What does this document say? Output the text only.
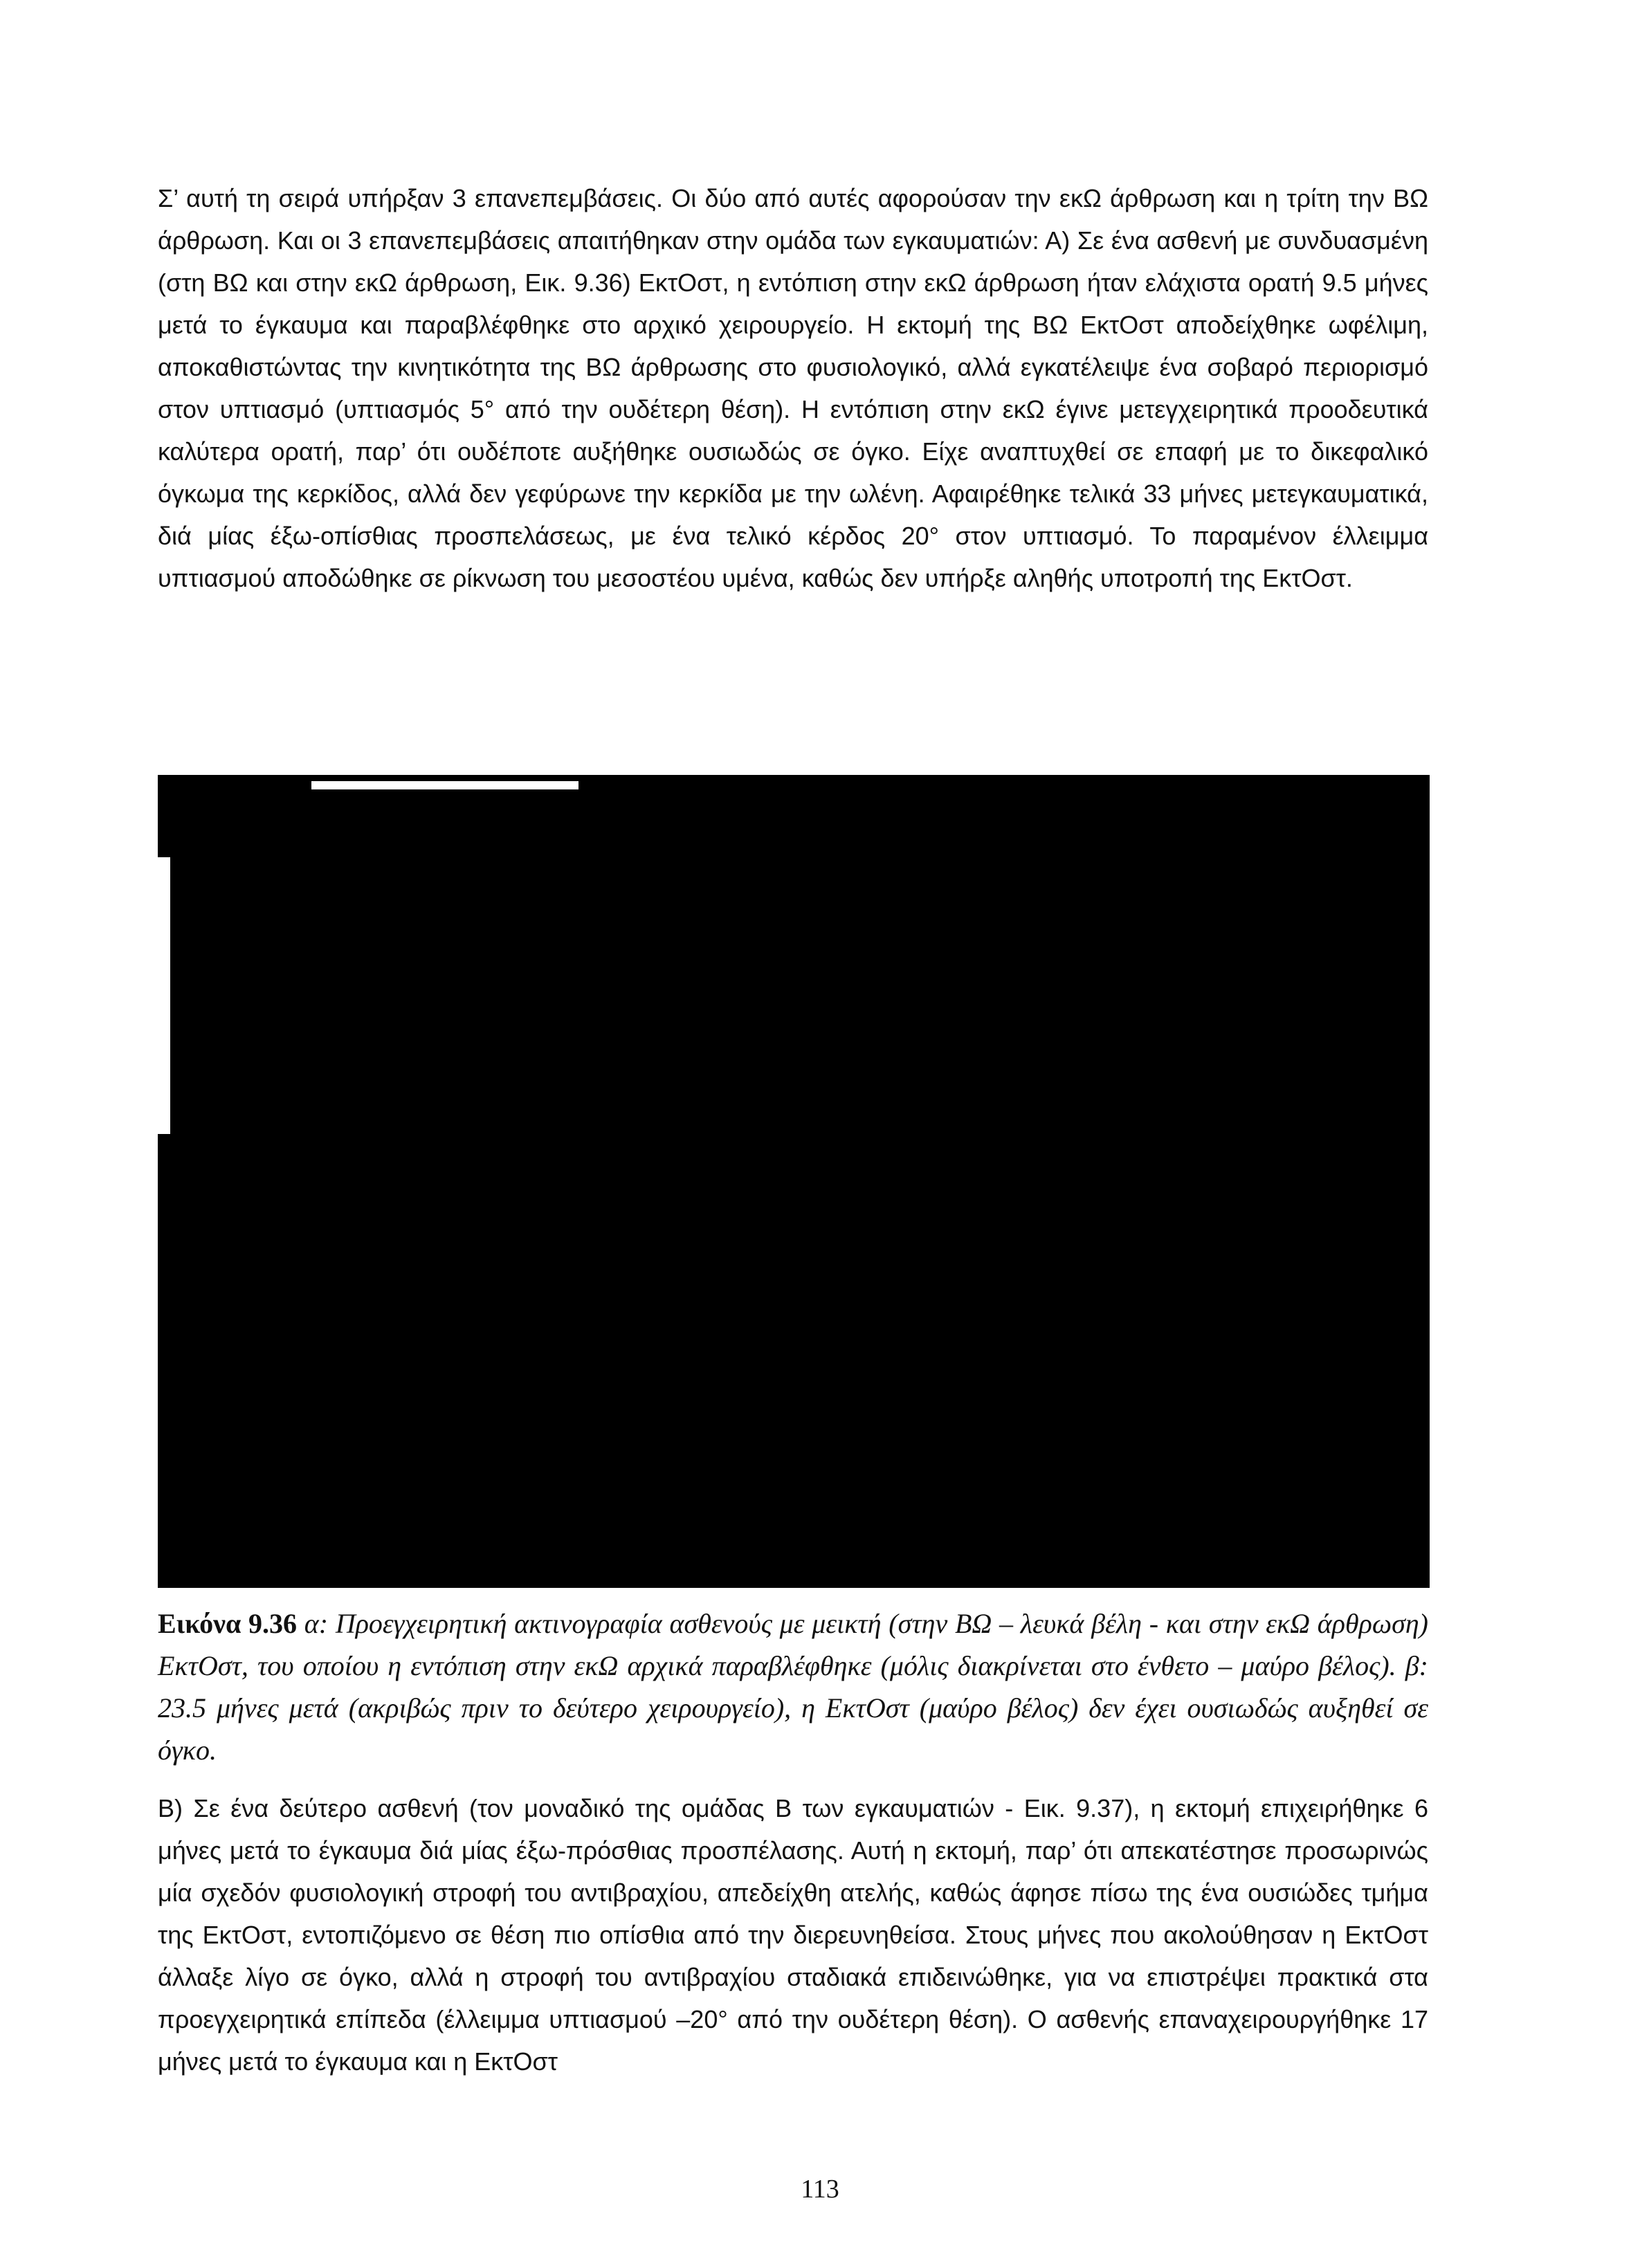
Σ’ αυτή τη σειρά υπήρξαν 3 επανεπεμβάσεις. Οι δύο από αυτές αφορούσαν την εκΩ άρθρωση και η τρίτη την ΒΩ άρθρωση. Και οι 3 επανεπεμβάσεις απαιτήθηκαν στην ομάδα των εγκαυματιών: Α) Σε ένα ασθενή με συνδυασμένη (στη ΒΩ και στην εκΩ άρθρωση, Εικ. 9.36) ΕκτΟστ, η εντόπιση στην εκΩ άρθρωση ήταν ελάχιστα ορατή 9.5 μήνες μετά το έγκαυμα και παραβλέφθηκε στο αρχικό χειρουργείο. Η εκτομή της ΒΩ ΕκτΟστ αποδείχθηκε ωφέλιμη, αποκαθιστώντας την κινητικότητα της ΒΩ άρθρωσης στο φυσιολογικό, αλλά εγκατέλειψε ένα σοβαρό περιορισμό στον υπτιασμό (υπτιασμός 5° από την ουδέτερη θέση). Η εντόπιση στην εκΩ έγινε μετεγχειρητικά προοδευτικά καλύτερα ορατή, παρ’ ότι ουδέποτε αυξήθηκε ουσιωδώς σε όγκο. Είχε αναπτυχθεί σε επαφή με το δικεφαλικό όγκωμα της κερκίδος, αλλά δεν γεφύρωνε την κερκίδα με την ωλένη. Αφαιρέθηκε τελικά 33 μήνες μετεγκαυματικά, διά μίας έξω-οπίσθιας προσπελάσεως, με ένα τελικό κέρδος 20° στον υπτιασμό. Το παραμένον έλλειμμα υπτιασμού αποδώθηκε σε ρίκνωση του μεσοστέου υμένα, καθώς δεν υπήρξε αληθής υποτροπή της ΕκτΟστ.

Εικόνα 9.36 α: Προεγχειρητική ακτινογραφία ασθενούς με μεικτή (στην ΒΩ – λευκά βέλη - και στην εκΩ άρθρωση) ΕκτΟστ, του οποίου η εντόπιση στην εκΩ αρχικά παραβλέφθηκε (μόλις διακρίνεται στο ένθετο – μαύρο βέλος). β: 23.5 μήνες μετά (ακριβώς πριν το δεύτερο χειρουργείο), η ΕκτΟστ (μαύρο βέλος) δεν έχει ουσιωδώς αυξηθεί σε όγκο.

Β) Σε ένα δεύτερο ασθενή (τον μοναδικό της ομάδας Β των εγκαυματιών - Εικ. 9.37), η εκτομή επιχειρήθηκε 6 μήνες μετά το έγκαυμα διά μίας έξω-πρόσθιας προσπέλασης. Αυτή η εκτομή, παρ’ ότι απεκατέστησε προσωρινώς μία σχεδόν φυσιολογική στροφή του αντιβραχίου, απεδείχθη ατελής, καθώς άφησε πίσω της ένα ουσιώδες τμήμα της ΕκτΟστ, εντοπιζόμενο σε θέση πιο οπίσθια από την διερευνηθείσα. Στους μήνες που ακολούθησαν η ΕκτΟστ άλλαξε λίγο σε όγκο, αλλά η στροφή του αντιβραχίου σταδιακά επιδεινώθηκε, για να επιστρέψει πρακτικά στα προεγχειρητικά επίπεδα (έλλειμμα υπτιασμού –20° από την ουδέτερη θέση). Ο ασθενής επαναχειρουργήθηκε 17 μήνες μετά το έγκαυμα και η ΕκτΟστ

113
